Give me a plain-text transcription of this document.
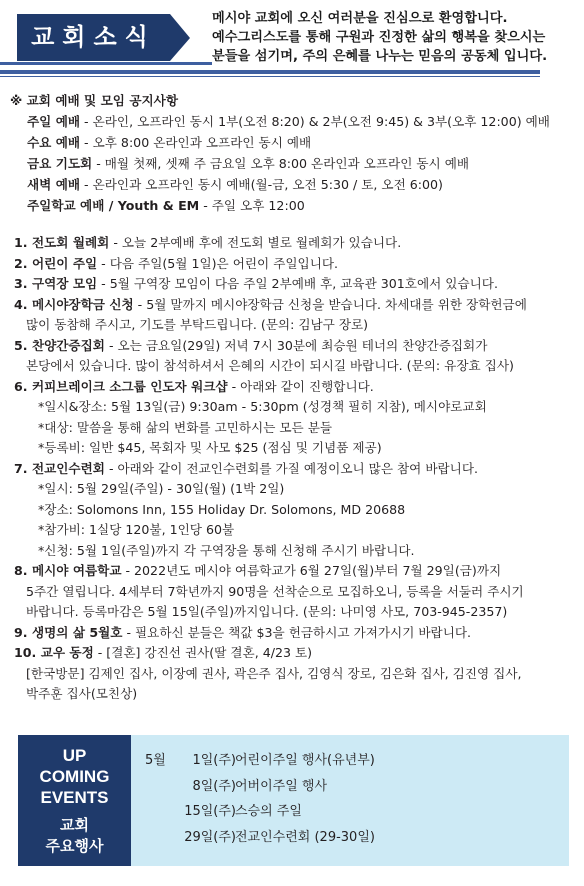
교회소식
메시야 교회에 오신 여러분을 진심으로 환영합니다.
예수그리스도를 통해 구원과 진정한 삶의 행복을 찾으시는
분들을 섬기며, 주의 은혜를 나누는 믿음의 공동체 입니다.
※ 교회 예배 및 모임 공지사항
주일 예배 - 온라인, 오프라인 동시 1부(오전 8:20) & 2부(오전 9:45) & 3부(오후 12:00) 예배
수요 예배 - 오후 8:00 온라인과 오프라인 동시 예배
금요 기도회 - 매월 첫째, 셋째 주 금요일 오후 8:00 온라인과 오프라인 동시 예배
새벽 예배 - 온라인과 오프라인 동시 예배(월-금, 오전 5:30 / 토, 오전 6:00)
주일학교 예배 / Youth & EM - 주일 오후 12:00
1. 전도회 월례회 - 오늘 2부예배 후에 전도회 별로 월례회가 있습니다.
2. 어린이 주일 - 다음 주일(5월 1일)은 어린이 주일입니다.
3. 구역장 모임 - 5월 구역장 모임이 다음 주일 2부예배 후, 교육관 301호에서 있습니다.
4. 메시야장학금 신청 - 5월 말까지 메시야장학금 신청을 받습니다. 차세대를 위한 장학헌금에
많이 동참해 주시고, 기도를 부탁드립니다. (문의: 김남구 장로)
5. 찬양간증집회 - 오는 금요일(29일) 저녁 7시 30분에 최승원 테너의 찬양간증집회가
본당에서 있습니다. 많이 참석하셔서 은혜의 시간이 되시길 바랍니다. (문의: 유장효 집사)
6. 커피브레이크 소그룹 인도자 워크샵 - 아래와 같이 진행합니다.
*일시&장소: 5월 13일(금) 9:30am - 5:30pm (성경책 필히 지참), 메시야로교회
*대상: 말씀을 통해 삶의 변화를 고민하시는 모든 분들
*등록비: 일반 $45, 목회자 및 사모 $25 (점심 및 기념품 제공)
7. 전교인수련회 - 아래와 같이 전교인수련회를 가질 예정이오니 많은 참여 바랍니다.
*일시: 5월 29일(주일) - 30일(월) (1박 2일)
*장소: Solomons Inn, 155 Holiday Dr. Solomons, MD 20688
*참가비: 1실당 120불, 1인당 60불
*신청: 5월 1일(주일)까지 각 구역장을 통해 신청해 주시기 바랍니다.
8. 메시야 여름학교 - 2022년도 메시야 여름학교가 6월 27일(월)부터 7월 29일(금)까지
5주간 열립니다. 4세부터 7학년까지 90명을 선착순으로 모집하오니, 등록을 서둘러 주시기
바랍니다. 등록마감은 5월 15일(주일)까지입니다. (문의: 나미영 사모, 703-945-2357)
9. 생명의 삶 5월호 - 필요하신 분들은 책값 $3을 헌금하시고 가져가시기 바랍니다.
10. 교우 동정 - [결혼] 강진선 권사(딸 결혼, 4/23 토)
[한국방문] 김제인 집사, 이장예 권사, 곽은주 집사, 김영식 장로, 김은화 집사, 김진영 집사,
박주훈 집사(모친상)
UP
COMING
EVENTS
교회
주요행사
5월	1일(주) 어린이주일 행사(유년부)
8일(주) 어버이주일 행사
15일(주) 스승의 주일
29일(주) 전교인수련회 (29-30일)
